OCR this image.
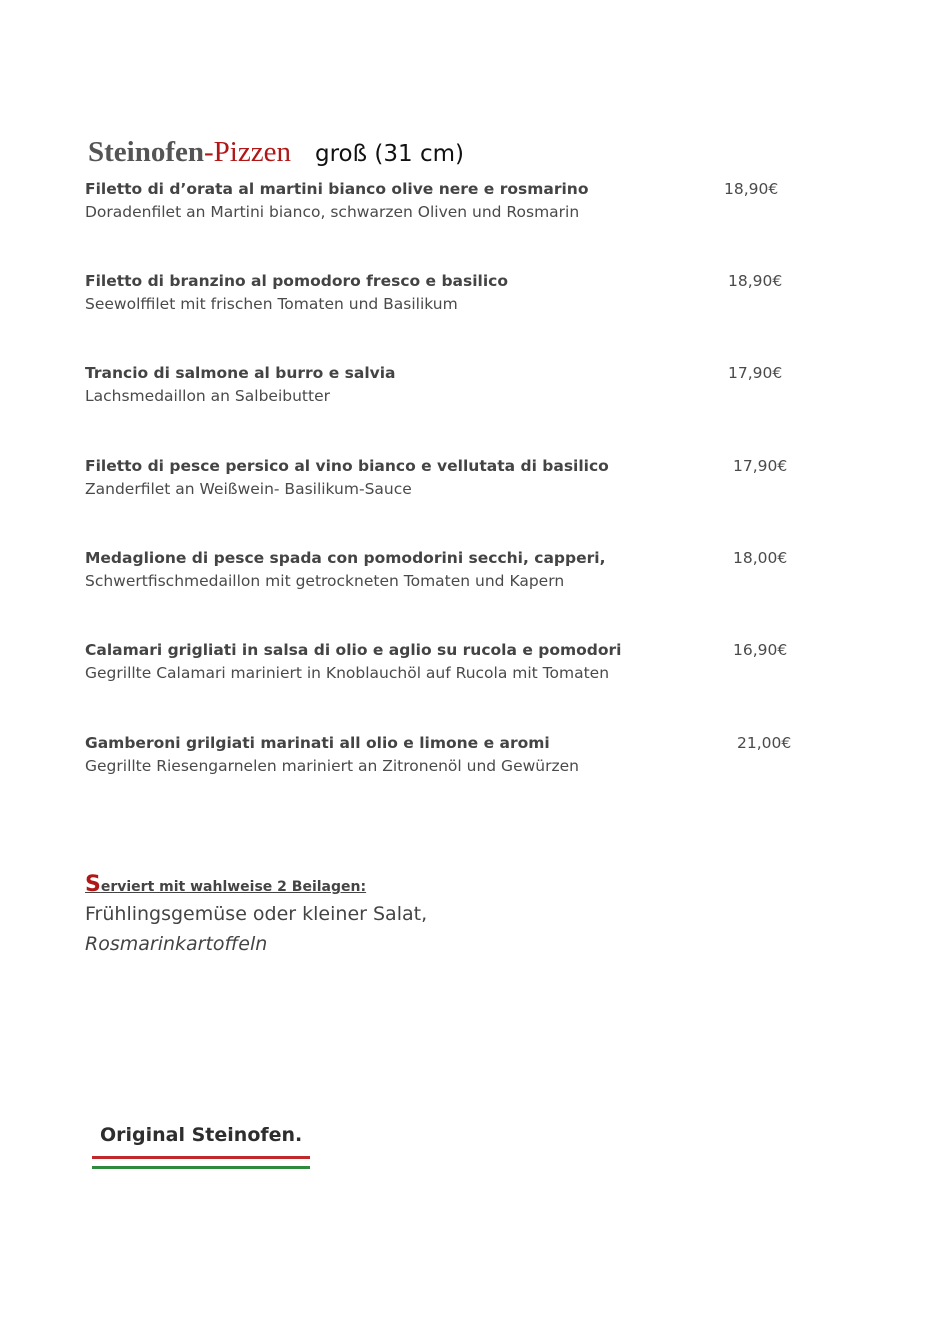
Steinofen-Pizzen groß (31 cm)
Filetto di d’orata al martini bianco olive nere e rosmarino
Doradenfilet an Martini bianco, schwarzen Oliven und Rosmarin
18,90€
Filetto di branzino al pomodoro fresco e basilico
Seewolffilet mit frischen Tomaten und Basilikum
18,90€
Trancio di salmone al burro e salvia
Lachsmedaillon an Salbeibutter
17,90€
Filetto di pesce persico al vino bianco e vellutata di basilico
Zanderfilet an Weißwein- Basilikum-Sauce
17,90€
Medaglione di pesce spada con pomodorini secchi, capperi,
Schwertfischmedaillon mit getrockneten Tomaten und Kapern
18,00€
Calamari grigliati in salsa di olio e aglio su rucola e pomodori
Gegrillte Calamari mariniert in Knoblauchöl auf Rucola mit Tomaten
16,90€
Gamberoni grilgiati marinati all olio e limone e aromi
Gegrillte Riesengarnelen mariniert an Zitronenöl und Gewürzen
21,00€
Serviert mit wahlweise 2 Beilagen:
Frühlingsgemüse oder kleiner Salat,
Rosmarinkartoffeln
Original Steinofen.
